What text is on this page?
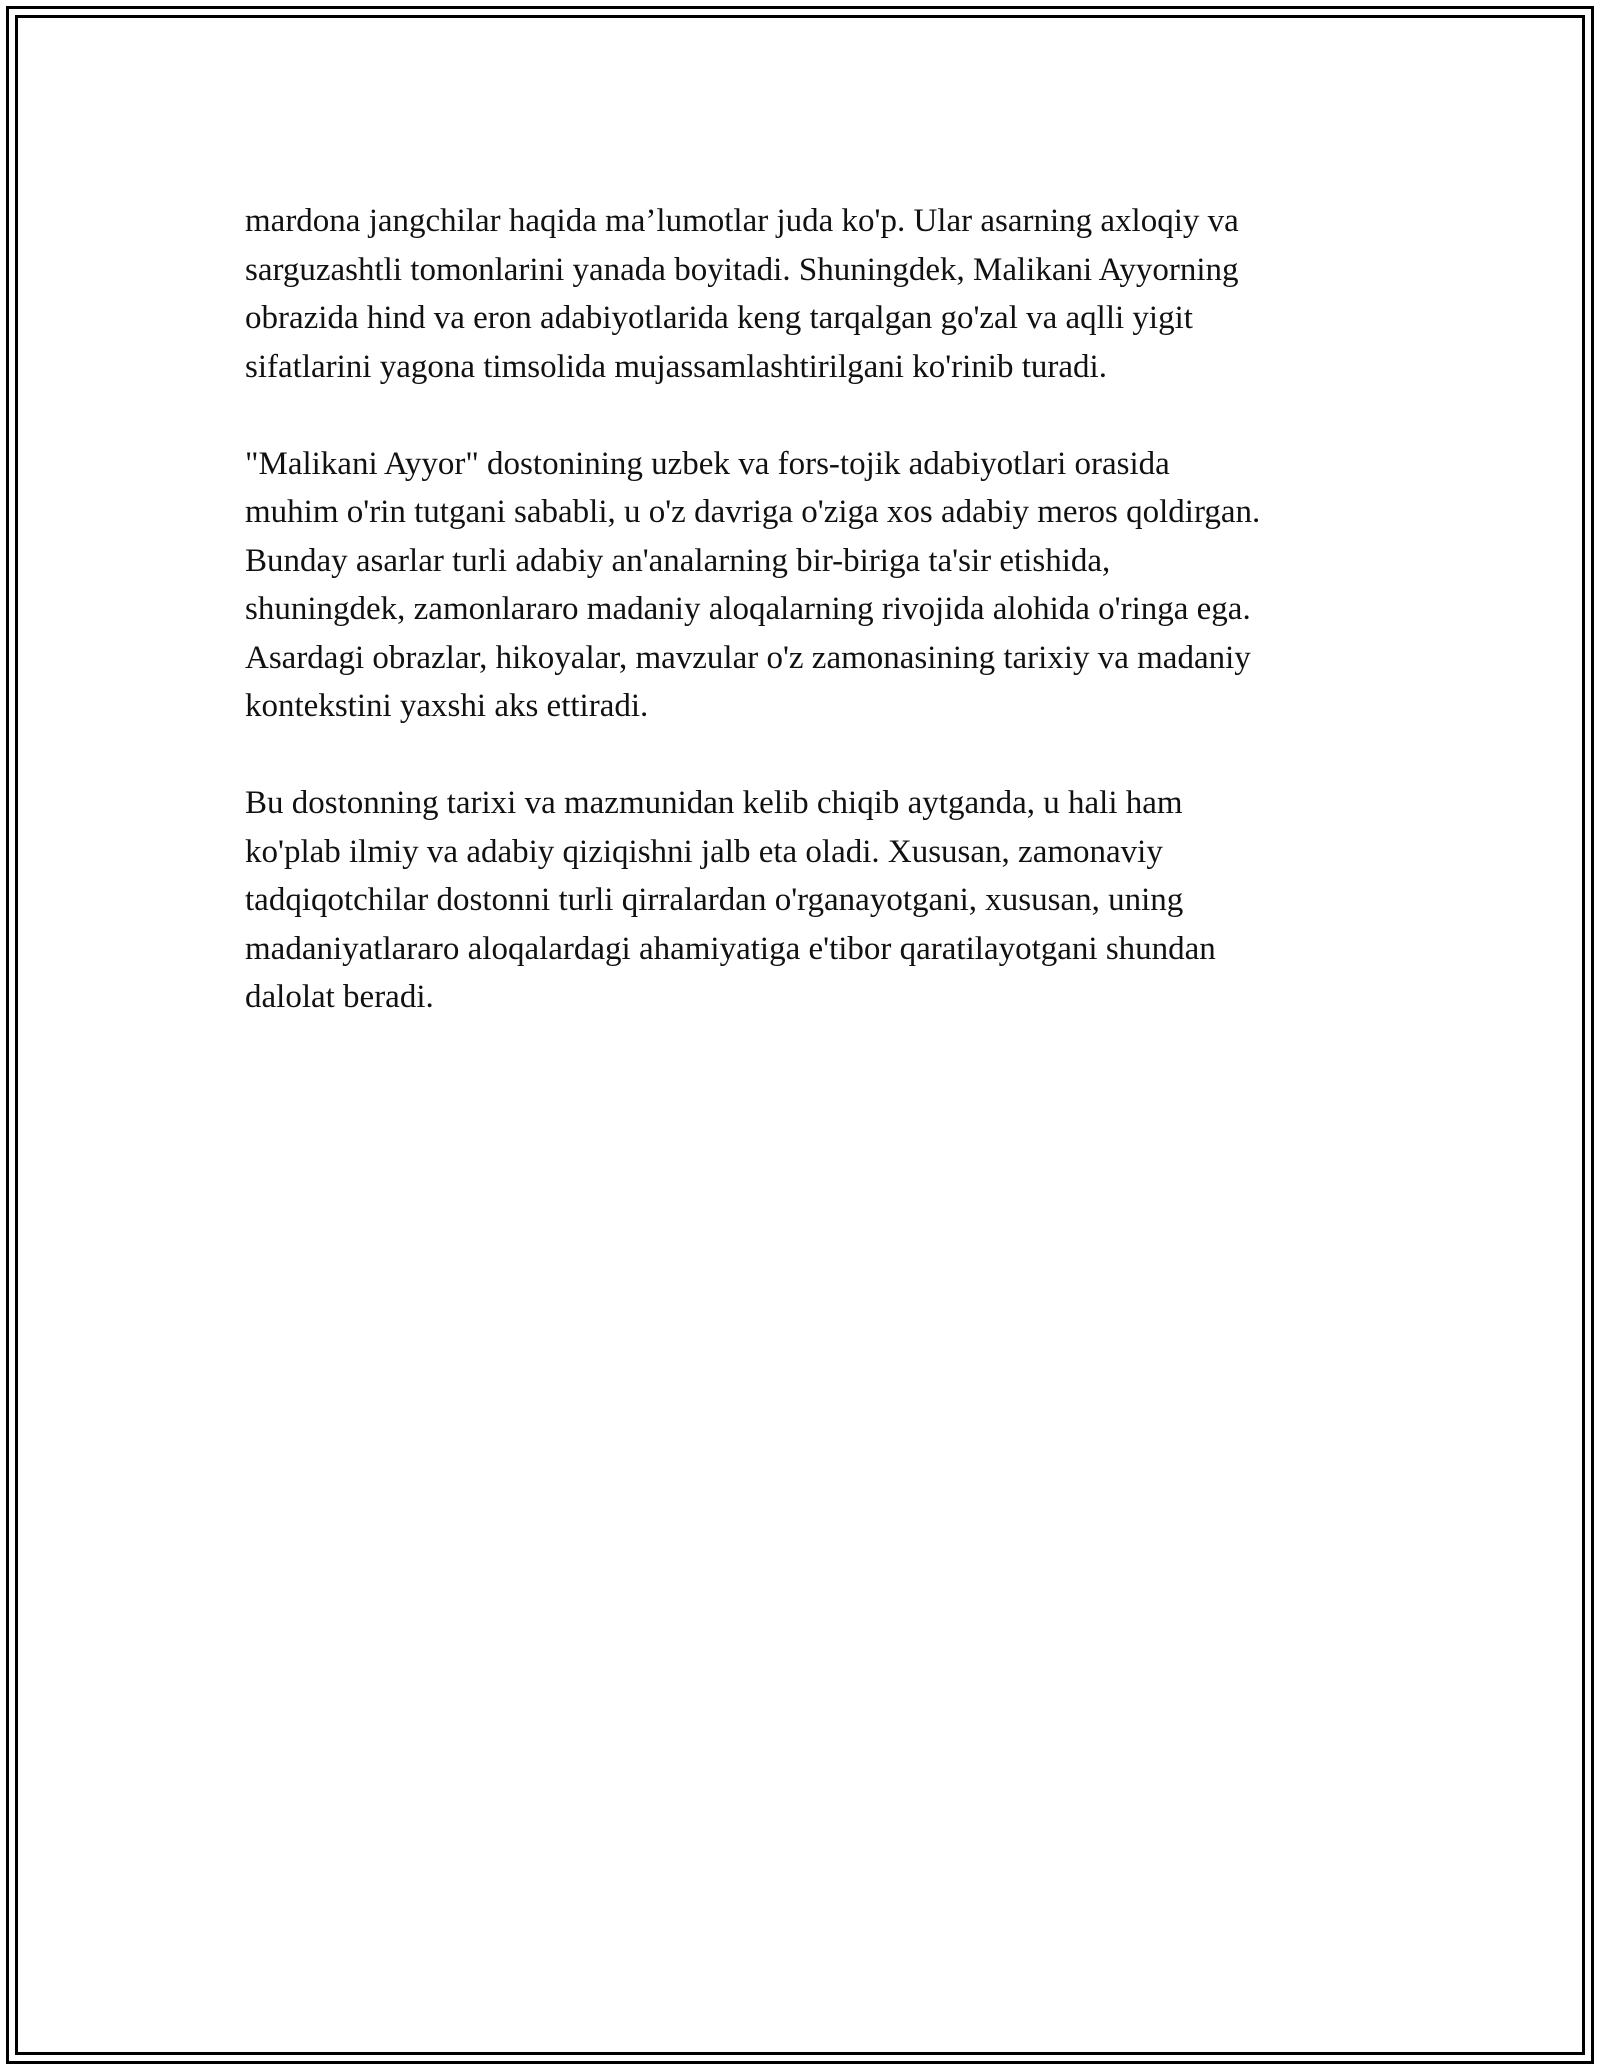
mardona jangchilar haqida ma’lumotlar juda ko'p. Ular asarning axloqiy va
sarguzashtli tomonlarini yanada boyitadi. Shuningdek, Malikani Ayyorning
obrazida hind va eron adabiyotlarida keng tarqalgan go'zal va aqlli yigit
sifatlarini yagona timsolida mujassamlashtirilgani ko'rinib turadi.

"Malikani Ayyor" dostonining uzbek va fors-tojik adabiyotlari orasida
muhim o'rin tutgani sababli, u o'z davriga o'ziga xos adabiy meros qoldirgan.
Bunday asarlar turli adabiy an'analarning bir-biriga ta'sir etishida,
shuningdek, zamonlararo madaniy aloqalarning rivojida alohida o'ringa ega.
Asardagi obrazlar, hikoyalar, mavzular o'z zamonasining tarixiy va madaniy
kontekstini yaxshi aks ettiradi.

Bu dostonning tarixi va mazmunidan kelib chiqib aytganda, u hali ham
ko'plab ilmiy va adabiy qiziqishni jalb eta oladi. Xususan, zamonaviy
tadqiqotchilar dostonni turli qirralardan o'rganayotgani, xususan, uning
madaniyatlararo aloqalardagi ahamiyatiga e'tibor qaratilayotgani shundan
dalolat beradi.
